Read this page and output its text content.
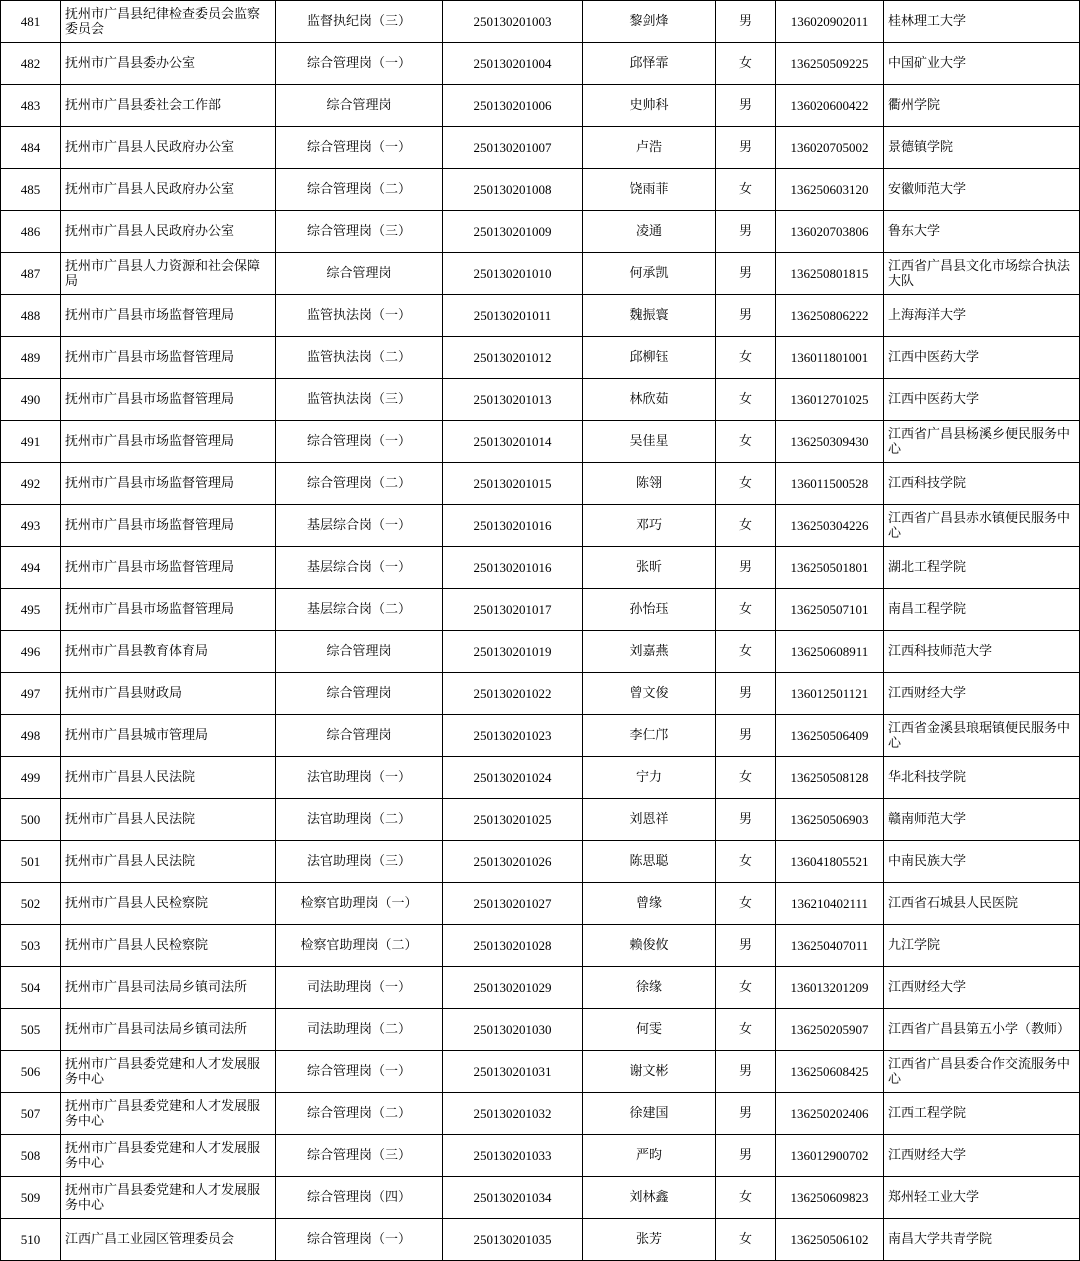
481	抚州市广昌县纪律检查委员会监察委员会	监督执纪岗（三）	250130201003	黎剑烽	男	136020902011	桂林理工大学
482	抚州市广昌县委办公室	综合管理岗（一）	250130201004	邱怿霏	女	136250509225	中国矿业大学
483	抚州市广昌县委社会工作部	综合管理岗	250130201006	史帅科	男	136020600422	衢州学院
484	抚州市广昌县人民政府办公室	综合管理岗（一）	250130201007	卢浩	男	136020705002	景德镇学院
485	抚州市广昌县人民政府办公室	综合管理岗（二）	250130201008	饶雨菲	女	136250603120	安徽师范大学
486	抚州市广昌县人民政府办公室	综合管理岗（三）	250130201009	凌通	男	136020703806	鲁东大学
487	抚州市广昌县人力资源和社会保障局	综合管理岗	250130201010	何承凯	男	136250801815	江西省广昌县文化市场综合执法大队
488	抚州市广昌县市场监督管理局	监管执法岗（一）	250130201011	魏振寰	男	136250806222	上海海洋大学
489	抚州市广昌县市场监督管理局	监管执法岗（二）	250130201012	邱柳钰	女	136011801001	江西中医药大学
490	抚州市广昌县市场监督管理局	监管执法岗（三）	250130201013	林欣茹	女	136012701025	江西中医药大学
491	抚州市广昌县市场监督管理局	综合管理岗（一）	250130201014	吴佳星	女	136250309430	江西省广昌县杨溪乡便民服务中心
492	抚州市广昌县市场监督管理局	综合管理岗（二）	250130201015	陈翎	女	136011500528	江西科技学院
493	抚州市广昌县市场监督管理局	基层综合岗（一）	250130201016	邓巧	女	136250304226	江西省广昌县赤水镇便民服务中心
494	抚州市广昌县市场监督管理局	基层综合岗（一）	250130201016	张昕	男	136250501801	湖北工程学院
495	抚州市广昌县市场监督管理局	基层综合岗（二）	250130201017	孙怡珏	女	136250507101	南昌工程学院
496	抚州市广昌县教育体育局	综合管理岗	250130201019	刘嘉燕	女	136250608911	江西科技师范大学
497	抚州市广昌县财政局	综合管理岗	250130201022	曾文俊	男	136012501121	江西财经大学
498	抚州市广昌县城市管理局	综合管理岗	250130201023	李仁邝	男	136250506409	江西省金溪县琅琚镇便民服务中心
499	抚州市广昌县人民法院	法官助理岗（一）	250130201024	宁力	女	136250508128	华北科技学院
500	抚州市广昌县人民法院	法官助理岗（二）	250130201025	刘恩祥	男	136250506903	赣南师范大学
501	抚州市广昌县人民法院	法官助理岗（三）	250130201026	陈思聪	女	136041805521	中南民族大学
502	抚州市广昌县人民检察院	检察官助理岗（一）	250130201027	曾缘	女	136210402111	江西省石城县人民医院
503	抚州市广昌县人民检察院	检察官助理岗（二）	250130201028	赖俊攸	男	136250407011	九江学院
504	抚州市广昌县司法局乡镇司法所	司法助理岗（一）	250130201029	徐缘	女	136013201209	江西财经大学
505	抚州市广昌县司法局乡镇司法所	司法助理岗（二）	250130201030	何雯	女	136250205907	江西省广昌县第五小学（教师）
506	抚州市广昌县委党建和人才发展服务中心	综合管理岗（一）	250130201031	谢文彬	男	136250608425	江西省广昌县委合作交流服务中心
507	抚州市广昌县委党建和人才发展服务中心	综合管理岗（二）	250130201032	徐建国	男	136250202406	江西工程学院
508	抚州市广昌县委党建和人才发展服务中心	综合管理岗（三）	250130201033	严昀	男	136012900702	江西财经大学
509	抚州市广昌县委党建和人才发展服务中心	综合管理岗（四）	250130201034	刘林鑫	女	136250609823	郑州轻工业大学
510	江西广昌工业园区管理委员会	综合管理岗（一）	250130201035	张芳	女	136250506102	南昌大学共青学院
